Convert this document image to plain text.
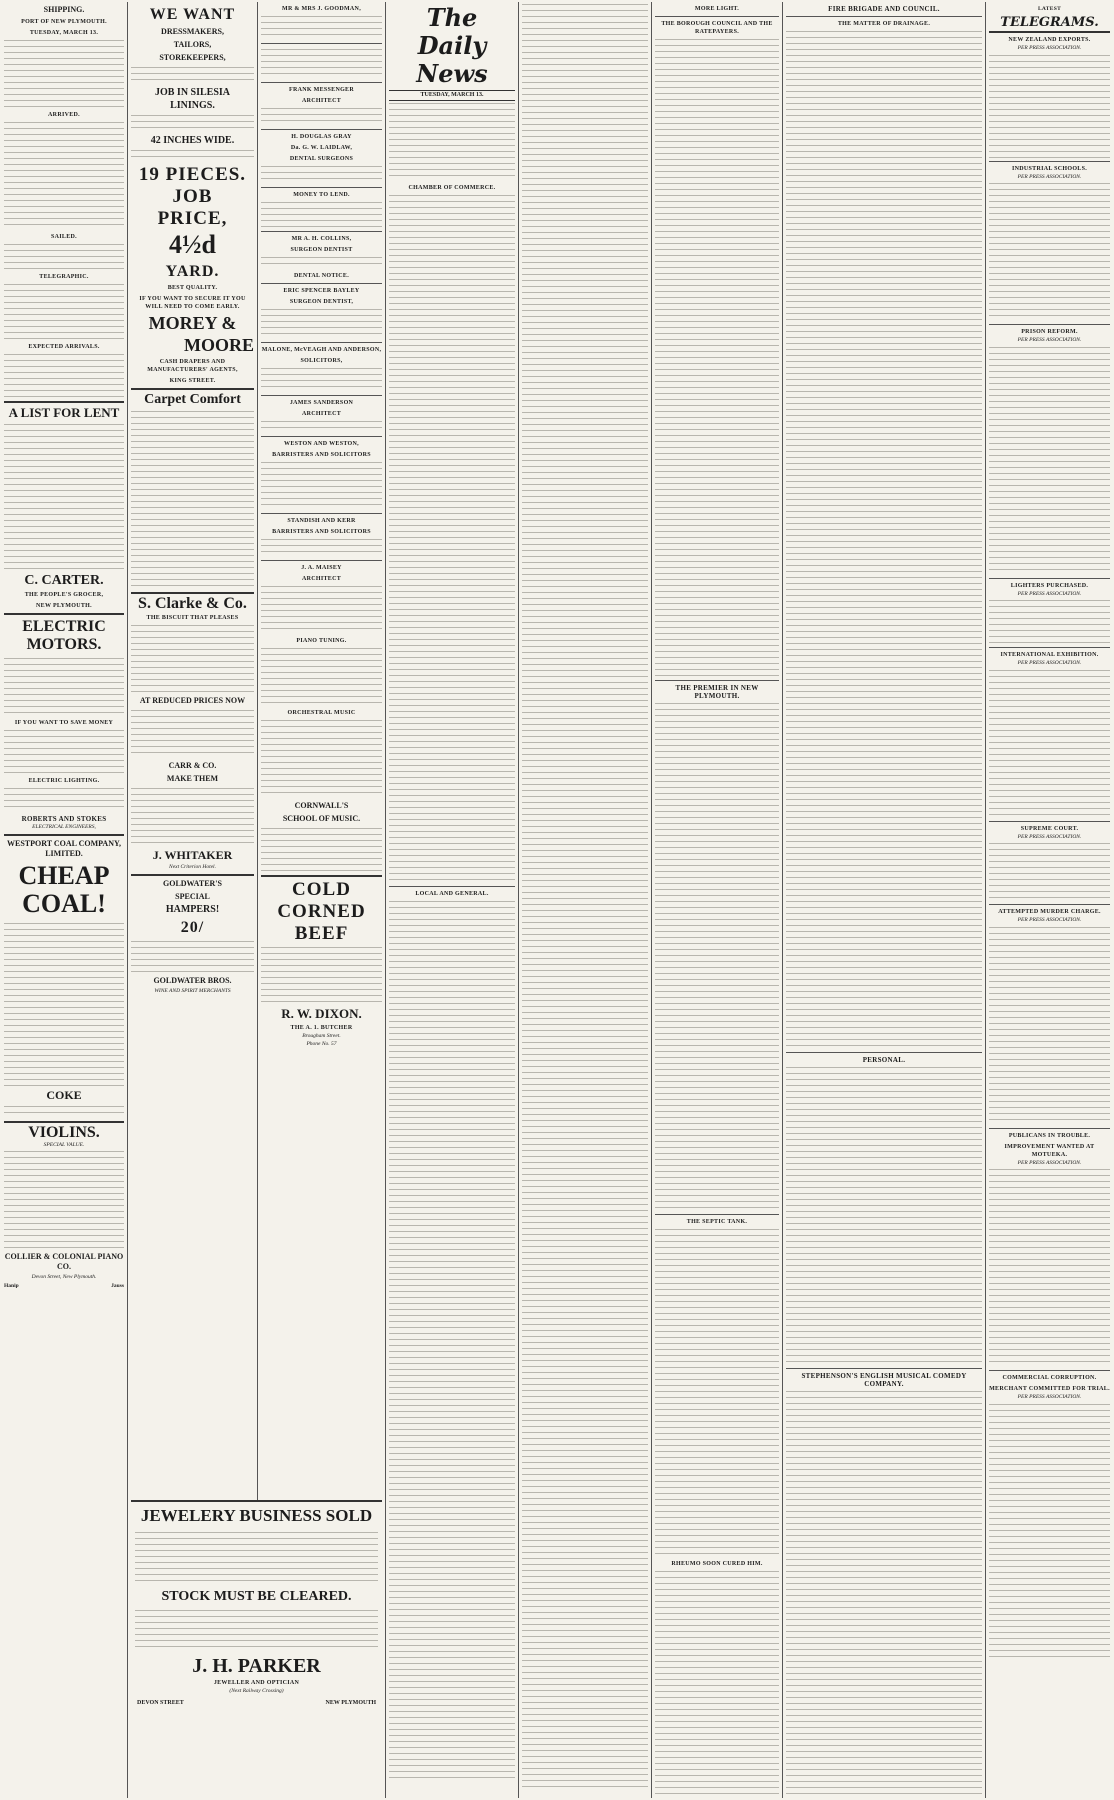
SHIPPING.
PORT OF NEW PLYMOUTH.
TUESDAY, MARCH 13.
ARRIVED.
SAILED.
TELEGRAPHIC.
EXPECTED ARRIVALS.
A LIST FOR LENT
C. CARTER.
THE PEOPLE'S GROCER,
NEW PLYMOUTH.
ELECTRIC MOTORS.
IF YOU WANT TO SAVE MONEY
ELECTRIC LIGHTING.
ROBERTS AND STOKES
ELECTRICAL ENGINEERS,
WESTPORT COAL COMPANY, LIMITED.
CHEAP COAL!
COKE
VIOLINS.
SPECIAL VALUE.
COLLIER & COLONIAL PIANO CO.
Devon Street, New Plymouth.
Hanip	Jauss
WE WANT
DRESSMAKERS,
TAILORS,
STOREKEEPERS,
JOB IN SILESIA
LININGS.
42 INCHES WIDE.
19 PIECES.
JOB
PRICE,
4½d
YARD.
BEST QUALITY.
IF YOU WANT TO SECURE IT YOU WILL NEED TO COME EARLY.
MOREY &
MOORE
CASH DRAPERS AND MANUFACTURERS' AGENTS,
KING STREET.
Carpet Comfort
S. Clarke & Co.
THE BISCUIT THAT PLEASES
AT REDUCED PRICES NOW
CARR & CO.
MAKE THEM
J. WHITAKER
Next Criterion Hotel.
GOLDWATER'S
SPECIAL
HAMPERS!
20/
GOLDWATER BROS.
WINE AND SPIRIT MERCHANTS
MR & MRS J. GOODMAN,
FRANK MESSENGER
ARCHITECT
H. DOUGLAS GRAY
Da. G. W. LAIDLAW,
DENTAL SURGEONS
MONEY TO LEND.
MR A. H. COLLINS,
SURGEON DENTIST
DENTAL NOTICE.
ERIC SPENCER BAYLEY
SURGEON DENTIST,
MALONE, McVEAGH AND ANDERSON,
SOLICITORS,
JAMES SANDERSON
ARCHITECT
WESTON AND WESTON,
BARRISTERS AND SOLICITORS
STANDISH AND KERR
BARRISTERS AND SOLICITORS
J. A. MAISEY
ARCHITECT
PIANO TUNING.
ORCHESTRAL MUSIC
CORNWALL'S
SCHOOL OF MUSIC.
COLD
CORNED
BEEF
R. W. DIXON.
THE A. 1. BUTCHER
Brougham Street.
Phone No. 57
JEWELERY BUSINESS SOLD
STOCK MUST BE CLEARED.
J. H. PARKER
JEWELLER AND OPTICIAN
(Next Railway Crossing)
DEVON STREET	NEW PLYMOUTH
The Daily News
TUESDAY, MARCH 13.
CHAMBER OF COMMERCE.
LOCAL AND GENERAL.
MORE LIGHT.
THE BOROUGH COUNCIL AND THE RATEPAYERS.
THE PREMIER IN NEW PLYMOUTH.
THE SEPTIC TANK.
RHEUMO SOON CURED HIM.
FIRE BRIGADE AND COUNCIL.
THE MATTER OF DRAINAGE.
PERSONAL.
STEPHENSON'S ENGLISH MUSICAL COMEDY COMPANY.
LATEST
TELEGRAMS.
NEW ZEALAND EXPORTS.
PER PRESS ASSOCIATION.
INDUSTRIAL SCHOOLS.
PER PRESS ASSOCIATION.
PRISON REFORM.
PER PRESS ASSOCIATION.
LIGHTERS PURCHASED.
PER PRESS ASSOCIATION.
INTERNATIONAL EXHIBITION.
PER PRESS ASSOCIATION.
SUPREME COURT.
PER PRESS ASSOCIATION.
ATTEMPTED MURDER CHARGE.
PER PRESS ASSOCIATION.
PUBLICANS IN TROUBLE.
IMPROVEMENT WANTED AT MOTUEKA.
PER PRESS ASSOCIATION.
COMMERCIAL CORRUPTION.
MERCHANT COMMITTED FOR TRIAL.
PER PRESS ASSOCIATION.
